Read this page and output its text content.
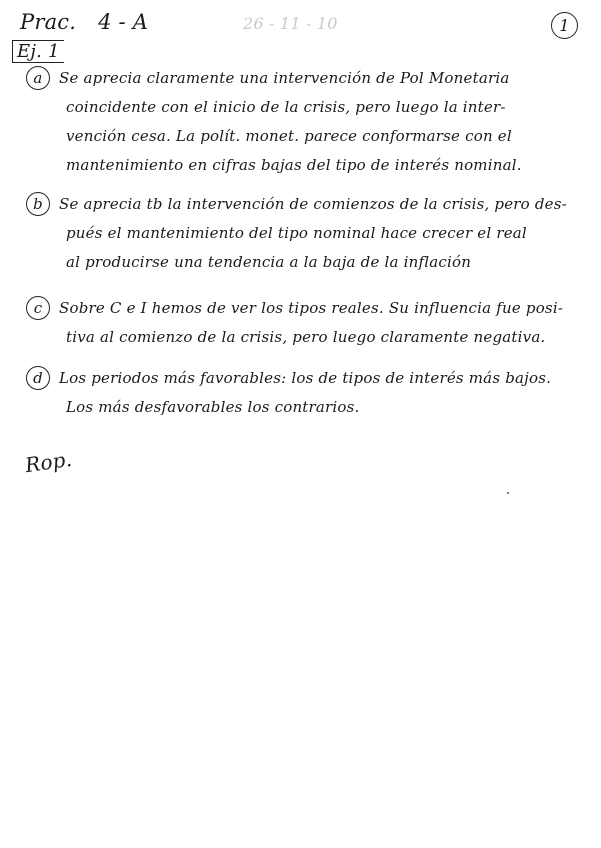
Prac. 4 - A	26 - 11 - 10	1
Ej. 1
a	Se aprecia claramente una intervención de Pol Monetaria
coincidente con el inicio de la crisis, pero luego la inter-
vención cesa. La polít. monet. parece conformarse con el
mantenimiento en cifras bajas del tipo de interés nominal.
b	Se aprecia tb la intervención de comienzos de la crisis, pero des-
pués el mantenimiento del tipo nominal hace crecer el real
al producirse una tendencia a la baja de la inflación
c	Sobre C e I hemos de ver los tipos reales. Su influencia fue posi-
tiva al comienzo de la crisis, pero luego claramente negativa.
d	Los periodos más favorables: los de tipos de interés más bajos.
Los más desfavorables los contrarios.
Rop.
